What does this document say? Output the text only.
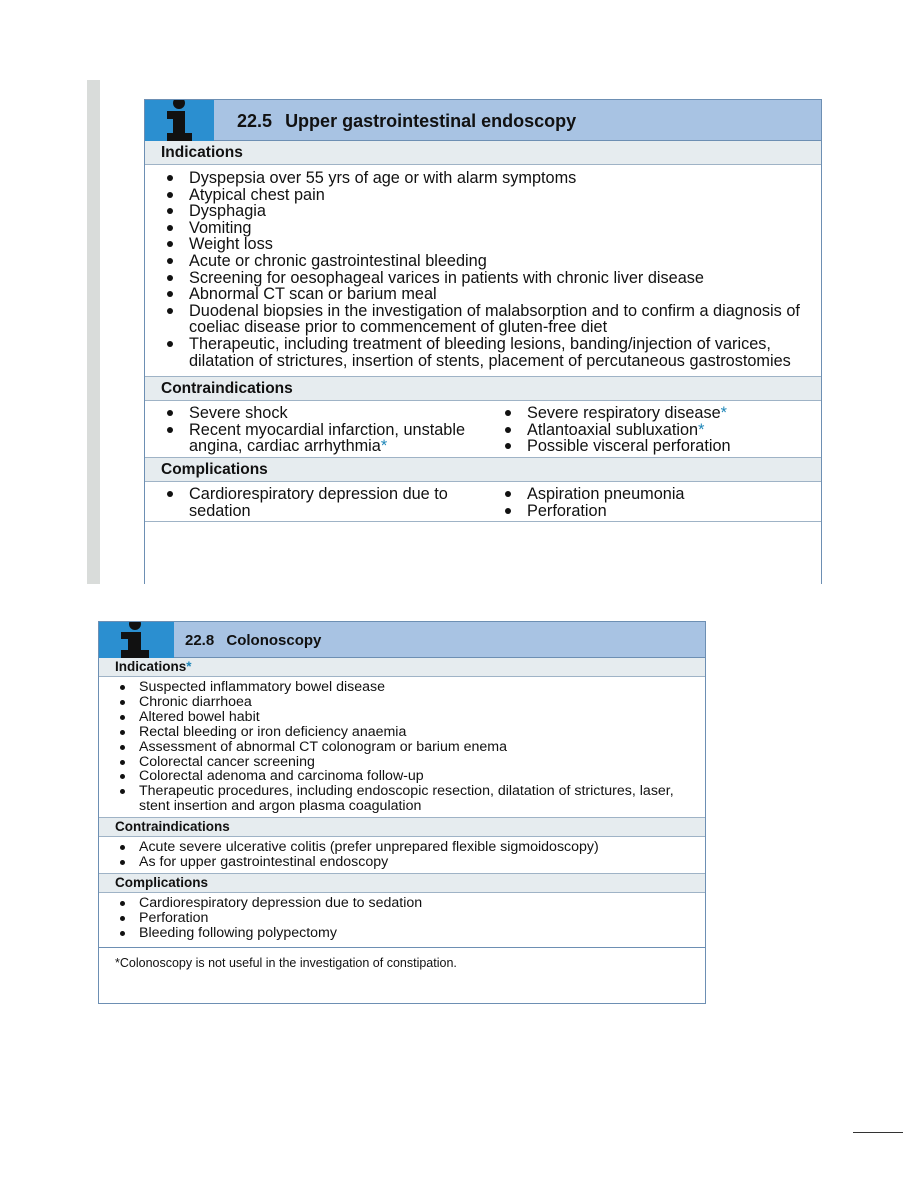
22.5 Upper gastrointestinal endoscopy
Indications
Dyspepsia over 55 yrs of age or with alarm symptoms
Atypical chest pain
Dysphagia
Vomiting
Weight loss
Acute or chronic gastrointestinal bleeding
Screening for oesophageal varices in patients with chronic liver disease
Abnormal CT scan or barium meal
Duodenal biopsies in the investigation of malabsorption and to confirm a diagnosis of coeliac disease prior to commencement of gluten-free diet
Therapeutic, including treatment of bleeding lesions, banding/injection of varices, dilatation of strictures, insertion of stents, placement of percutaneous gastrostomies
Contraindications
Severe shock
Recent myocardial infarction, unstable angina, cardiac arrhythmia*
Severe respiratory disease*
Atlantoaxial subluxation*
Possible visceral perforation
Complications
Cardiorespiratory depression due to sedation
Aspiration pneumonia
Perforation
22.8 Colonoscopy
Indications*
Suspected inflammatory bowel disease
Chronic diarrhoea
Altered bowel habit
Rectal bleeding or iron deficiency anaemia
Assessment of abnormal CT colonogram or barium enema
Colorectal cancer screening
Colorectal adenoma and carcinoma follow-up
Therapeutic procedures, including endoscopic resection, dilatation of strictures, laser, stent insertion and argon plasma coagulation
Contraindications
Acute severe ulcerative colitis (prefer unprepared flexible sigmoidoscopy)
As for upper gastrointestinal endoscopy
Complications
Cardiorespiratory depression due to sedation
Perforation
Bleeding following polypectomy
*Colonoscopy is not useful in the investigation of constipation.
